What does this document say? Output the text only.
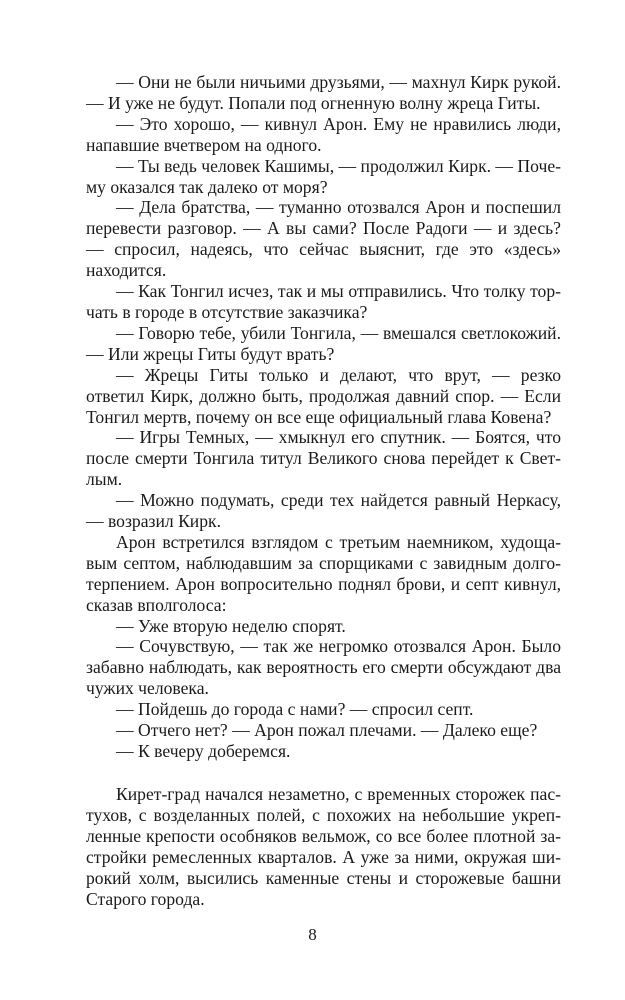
— Они не были ничьими друзьями, — махнул Кирк рукой. — И уже не будут. Попали под огненную волну жреца Гиты.

— Это хорошо, — кивнул Арон. Ему не нравились люди, напавшие вчетвером на одного.

— Ты ведь человек Кашимы, — продолжил Кирк. — Почему оказался так далеко от моря?

— Дела братства, — туманно отозвался Арон и поспешил перевести разговор. — А вы сами? После Радоги — и здесь? — спросил, надеясь, что сейчас выяснит, где это «здесь» находится.

— Как Тонгил исчез, так и мы отправились. Что толку торчать в городе в отсутствие заказчика?

— Говорю тебе, убили Тонгила, — вмешался светлокожий. — Или жрецы Гиты будут врать?

— Жрецы Гиты только и делают, что врут, — резко ответил Кирк, должно быть, продолжая давний спор. — Если Тонгил мертв, почему он все еще официальный глава Ковена?

— Игры Темных, — хмыкнул его спутник. — Боятся, что после смерти Тонгила титул Великого снова перейдет к Светлым.

— Можно подумать, среди тех найдется равный Неркасу, — возразил Кирк.

Арон встретился взглядом с третьим наемником, худощавым септом, наблюдавшим за спорщиками с завидным долготерпением. Арон вопросительно поднял брови, и септ кивнул, сказав вполголоса:

— Уже вторую неделю спорят.

— Сочувствую, — так же негромко отозвался Арон. Было забавно наблюдать, как вероятность его смерти обсуждают два чужих человека.

— Пойдешь до города с нами? — спросил септ.

— Отчего нет? — Арон пожал плечами. — Далеко еще?

— К вечеру доберемся.

Кирет-град начался незаметно, с временных сторожек пастухов, с возделанных полей, с похожих на небольшие укрепленные крепости особняков вельмож, со все более плотной застройки ремесленных кварталов. А уже за ними, окружая широкий холм, высились каменные стены и сторожевые башни Старого города.

8
